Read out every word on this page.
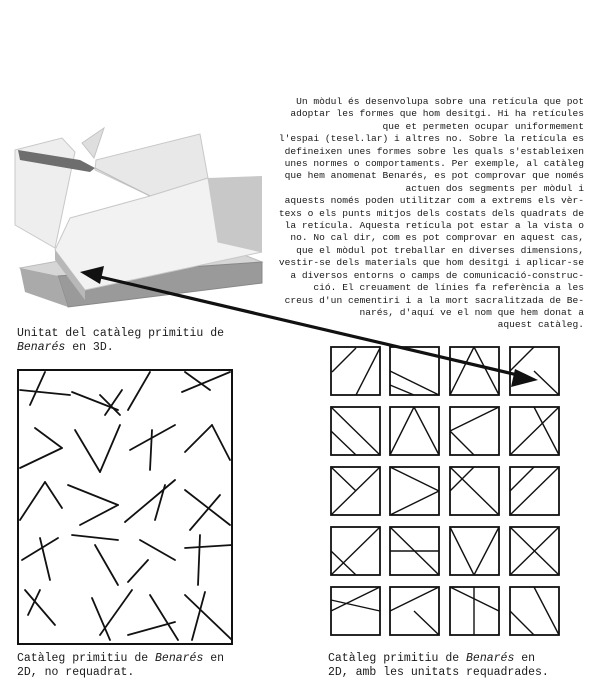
Un mòdul és desenvolupa sobre una retícula que pot
adoptar les formes que hom desitgi. Hi ha retícules
que et permeten ocupar uniformement
l'espai (tesel.lar) i altres no. Sobre la retícula es
defineixen unes formes sobre les quals s'estableixen
unes normes o comportaments. Per exemple, al catàleg
que hem anomenat Benarés, es pot comprovar que només
actuen dos segments per mòdul i
aquests només poden utilitzar com a extrems els vèr-
texs o els punts mitjos dels costats dels quadrats de
la retícula. Aquesta retícula pot estar a la vista o
no. No cal dir, com es pot comprovar en aquest cas,
que el mòdul pot treballar en diverses dimensions,
vestir-se dels materials que hom desitgi i aplicar-se
a diversos entorns o camps de comunicació-construc-
ció. El creuament de línies fa referència a les
creus d'un cementiri i a la mort sacralitzada de Be-
narés, d'aquí ve el nom que hem donat a
aquest catàleg.

Unitat del catàleg primitiu de
Benarés en 3D.

Catàleg primitiu de Benarés en
2D, no requadrat.

Catàleg primitiu de Benarés en
2D, amb les unitats requadrades.
